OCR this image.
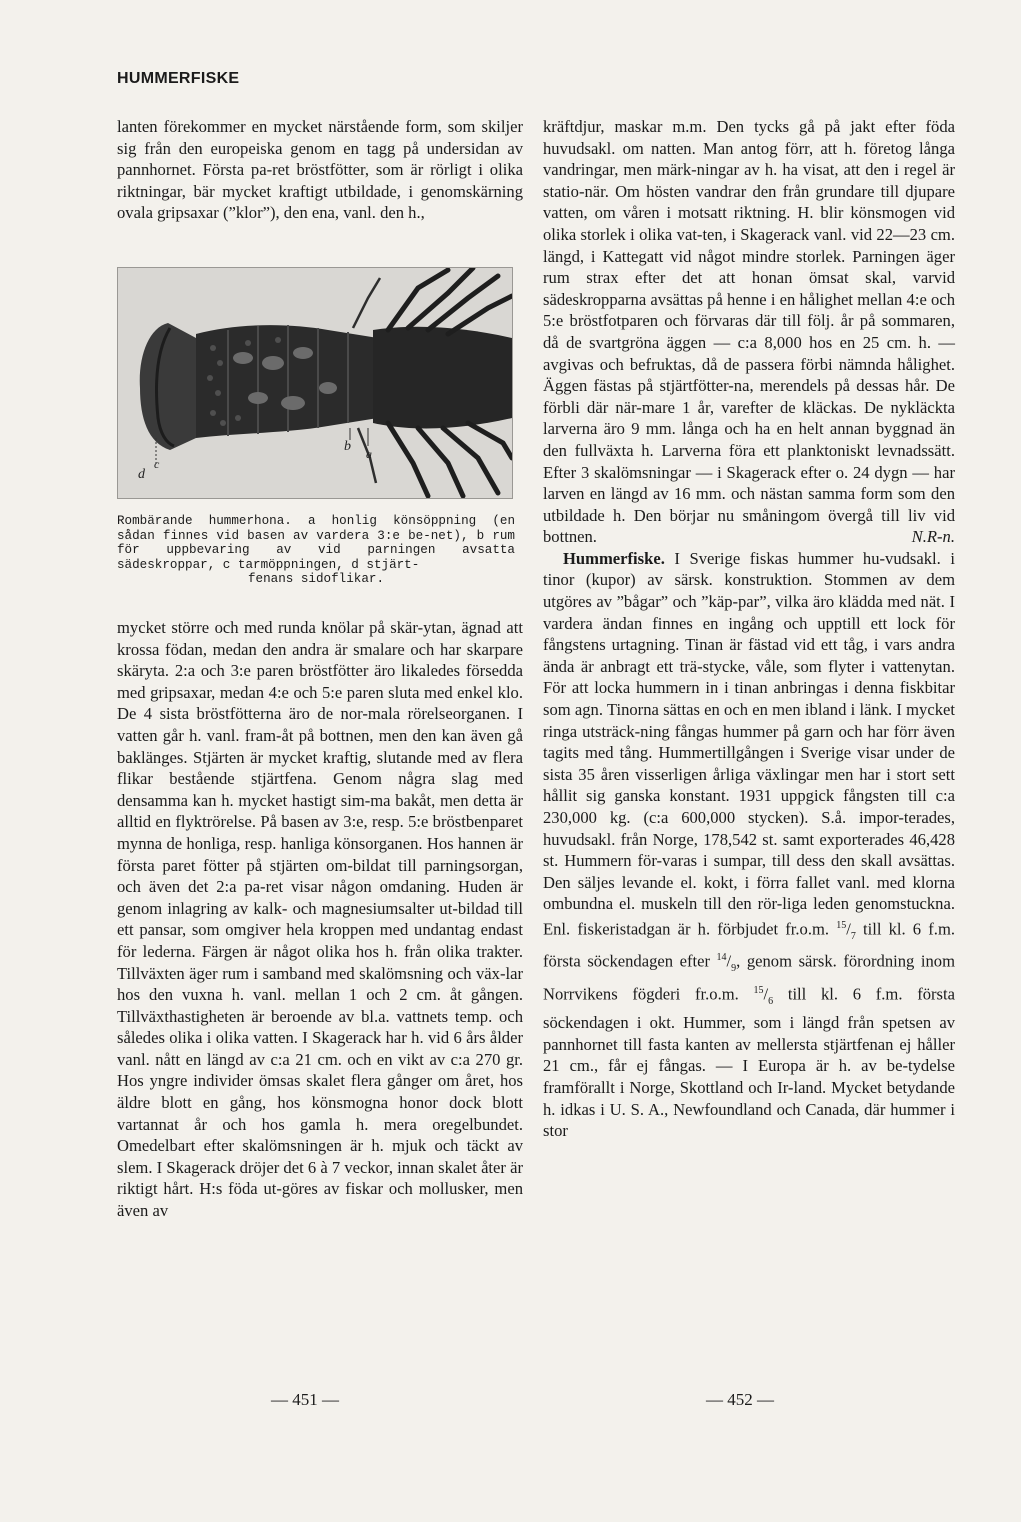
HUMMERFISKE

lanten förekommer en mycket närstående form, som skiljer sig från den europeiska genom en tagg på undersidan av pannhornet. Första pa-ret bröstfötter, som är rörligt i olika riktningar, bär mycket kraftigt utbildade, i genomskärning ovala gripsaxar (”klor”), den ena, vanl. den h.,

d
c
b a
Rombärande hummerhona. a honlig könsöppning (en sådan finnes vid basen av vardera 3:e be-net), b rum för uppbevaring av vid parningen avsatta sädeskroppar, c tarmöppningen, d stjärt-
fenans sidoflikar.

mycket större och med runda knölar på skär-ytan, ägnad att krossa födan, medan den andra är smalare och har skarpare skäryta. 2:a och 3:e paren bröstfötter äro likaledes försedda med gripsaxar, medan 4:e och 5:e paren sluta med enkel klo. De 4 sista bröstfötterna äro de nor-mala rörelseorganen. I vatten går h. vanl. fram-åt på bottnen, men den kan även gå baklänges. Stjärten är mycket kraftig, slutande med av flera flikar bestående stjärtfena. Genom några slag med densamma kan h. mycket hastigt sim-ma bakåt, men detta är alltid en flyktrörelse. På basen av 3:e, resp. 5:e bröstbenparet mynna de honliga, resp. hanliga könsorganen. Hos hannen är första paret fötter på stjärten om-bildat till parningsorgan, och även det 2:a pa-ret visar någon omdaning. Huden är genom inlagring av kalk- och magnesiumsalter ut-bildad till ett pansar, som omgiver hela kroppen med undantag endast för lederna. Färgen är något olika hos h. från olika trakter. Tillväxten äger rum i samband med skalömsning och väx-lar hos den vuxna h. vanl. mellan 1 och 2 cm. åt gången. Tillväxthastigheten är beroende av bl.a. vattnets temp. och således olika i olika vatten. I Skagerack har h. vid 6 års ålder vanl. nått en längd av c:a 21 cm. och en vikt av c:a 270 gr. Hos yngre individer ömsas skalet flera gånger om året, hos äldre blott en gång, hos könsmogna honor dock blott vartannat år och hos gamla h. mera oregelbundet. Omedelbart efter skalömsningen är h. mjuk och täckt av slem. I Skagerack dröjer det 6 à 7 veckor, innan skalet åter är riktigt hårt. H:s föda ut-göres av fiskar och mollusker, men även av

kräftdjur, maskar m.m. Den tycks gå på jakt efter föda huvudsakl. om natten. Man antog förr, att h. företog långa vandringar, men märk-ningar av h. ha visat, att den i regel är statio-när. Om hösten vandrar den från grundare till djupare vatten, om våren i motsatt riktning. H. blir könsmogen vid olika storlek i olika vat-ten, i Skagerack vanl. vid 22—23 cm. längd, i Kattegatt vid något mindre storlek. Parningen äger rum strax efter det att honan ömsat skal, varvid sädeskropparna avsättas på henne i en hålighet mellan 4:e och 5:e bröstfotparen och förvaras där till följ. år på sommaren, då de svartgröna äggen — c:a 8,000 hos en 25 cm. h. — avgivas och befruktas, då de passera förbi nämnda hålighet. Äggen fästas på stjärtfötter-na, merendels på dessas hår. De förbli där när-mare 1 år, varefter de kläckas. De nykläckta larverna äro 9 mm. långa och ha en helt annan byggnad än den fullväxta h. Larverna föra ett planktoniskt levnadssätt. Efter 3 skalömsningar — i Skagerack efter o. 24 dygn — har larven en längd av 16 mm. och nästan samma form som den utbildade h. Den börjar nu småningom övergå till liv vid bottnen.	N.R-n.

Hummerfiske. I Sverige fiskas hummer hu-vudsakl. i tinor (kupor) av särsk. konstruktion. Stommen av dem utgöres av ”bågar” och ”käp-par”, vilka äro klädda med nät. I vardera ändan finnes en ingång och upptill ett lock för fångstens urtagning. Tinan är fästad vid ett tåg, i vars andra ända är anbragt ett trä-stycke, våle, som flyter i vattenytan. För att locka hummern in i tinan anbringas i denna fiskbitar som agn. Tinorna sättas en och en men ibland i länk. I mycket ringa utsträck-ning fångas hummer på garn och har förr även tagits med tång. Hummertillgången i Sverige visar under de sista 35 åren visserligen årliga växlingar men har i stort sett hållit sig ganska konstant. 1931 uppgick fångsten till c:a 230,000 kg. (c:a 600,000 stycken). S.å. impor-terades, huvudsakl. från Norge, 178,542 st. samt exporterades 46,428 st. Hummern för-varas i sumpar, till dess den skall avsättas. Den säljes levande el. kokt, i förra fallet vanl. med klorna ombundna el. muskeln till den rör-liga leden genomstuckna. Enl. fiskeristadgan är h. förbjudet fr.o.m. $^{15}/_7$ till kl. 6 f.m. första söckendagen efter $^{14}/_9$, genom särsk. förordning inom Norrvikens fögderi fr.o.m. $^{15}/_6$ till kl. 6 f.m. första söckendagen i okt. Hummer, som i längd från spetsen av pannhornet till fasta kanten av mellersta stjärtfenan ej håller 21 cm., får ej fångas. — I Europa är h. av be-tydelse framförallt i Norge, Skottland och Ir-land. Mycket betydande h. idkas i U. S. A., Newfoundland och Canada, där hummer i stor

— 451 —	— 452 —
